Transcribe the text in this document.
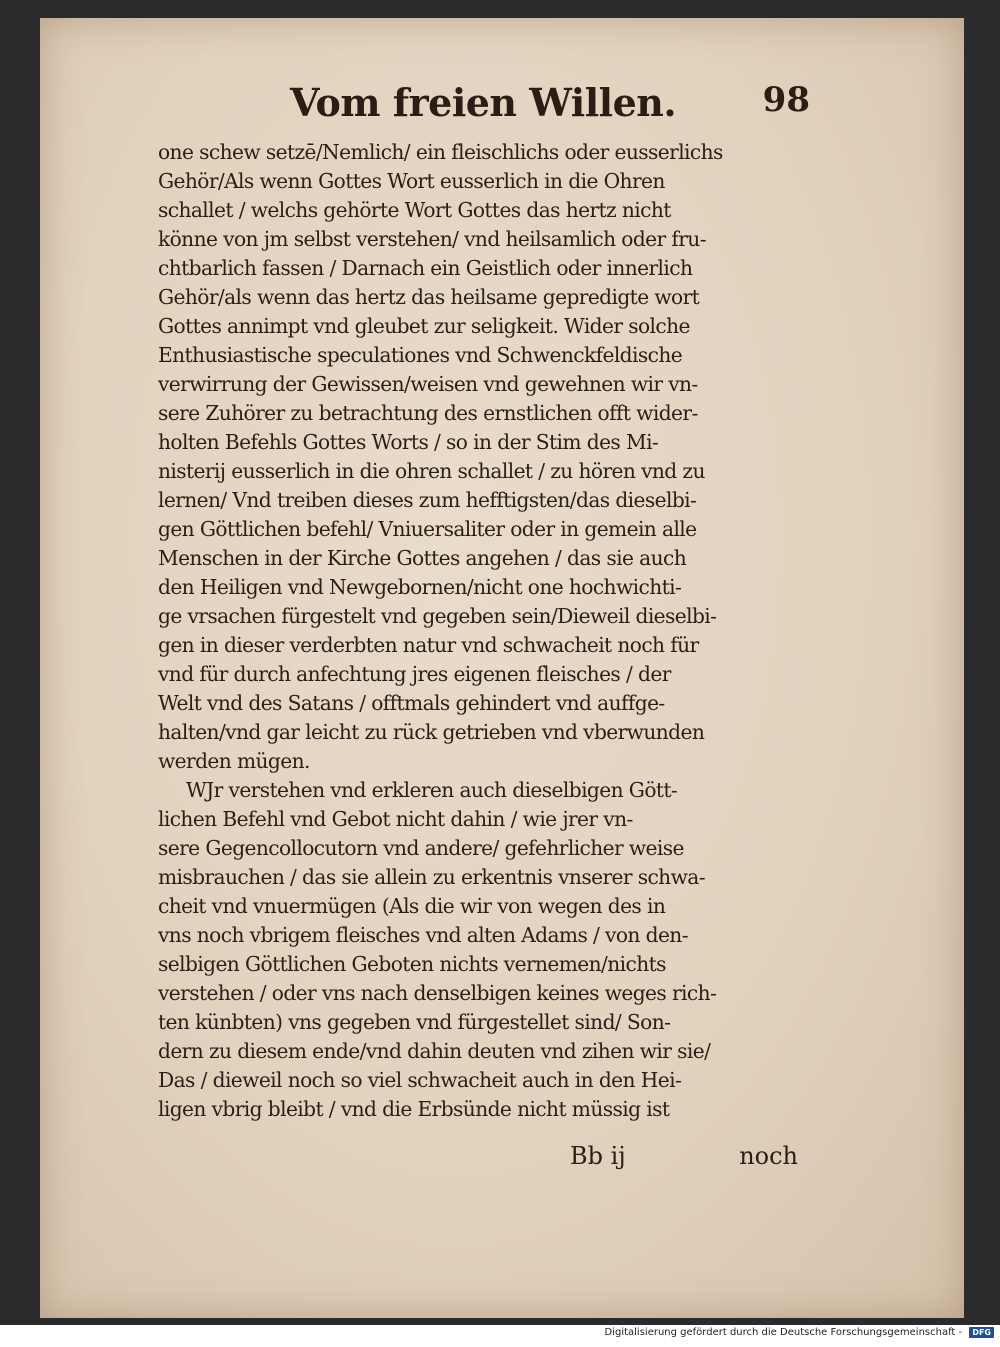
Vom freien Willen.	98
one schew setzē/Nemlich/ ein fleischlichs oder eusserlichs
Gehör/Als wenn Gottes Wort eusserlich in die Ohren
schallet / welchs gehörte Wort Gottes das hertz nicht
könne von jm selbst verstehen/ vnd heilsamlich oder fru-
chtbarlich fassen / Darnach ein Geistlich oder innerlich
Gehör/als wenn das hertz das heilsame gepredigte wort
Gottes annimpt vnd gleubet zur seligkeit. Wider solche
Enthusiastische speculationes vnd Schwenckfeldische
verwirrung der Gewissen/weisen vnd gewehnen wir vn-
sere Zuhörer zu betrachtung des ernstlichen offt wider-
holten Befehls Gottes Worts / so in der Stim des Mi-
nisterij eusserlich in die ohren schallet / zu hören vnd zu
lernen/ Vnd treiben dieses zum hefftigsten/das dieselbi-
gen Göttlichen befehl/ Vniuersaliter oder in gemein alle
Menschen in der Kirche Gottes angehen / das sie auch
den Heiligen vnd Newgebornen/nicht one hochwichti-
ge vrsachen fürgestelt vnd gegeben sein/Dieweil dieselbi-
gen in dieser verderbten natur vnd schwacheit noch für
vnd für durch anfechtung jres eigenen fleisches / der
Welt vnd des Satans / offtmals gehindert vnd auffge-
halten/vnd gar leicht zu rück getrieben vnd vberwunden
werden mügen.
WJr verstehen vnd erkleren auch dieselbigen Gött-
lichen Befehl vnd Gebot nicht dahin / wie jrer vn-
sere Gegencollocutorn vnd andere/ gefehrlicher weise
misbrauchen / das sie allein zu erkentnis vnserer schwa-
cheit vnd vnuermügen (Als die wir von wegen des in
vns noch vbrigem fleisches vnd alten Adams / von den-
selbigen Göttlichen Geboten nichts vernemen/nichts
verstehen / oder vns nach denselbigen keines weges rich-
ten künbten) vns gegeben vnd fürgestellet sind/ Son-
dern zu diesem ende/vnd dahin deuten vnd zihen wir sie/
Das / dieweil noch so viel schwacheit auch in den Hei-
ligen vbrig bleibt / vnd die Erbsünde nicht müssig ist
Bb ij	noch
Digitalisierung gefördert durch die Deutsche Forschungsgemeinschaft - DFG
